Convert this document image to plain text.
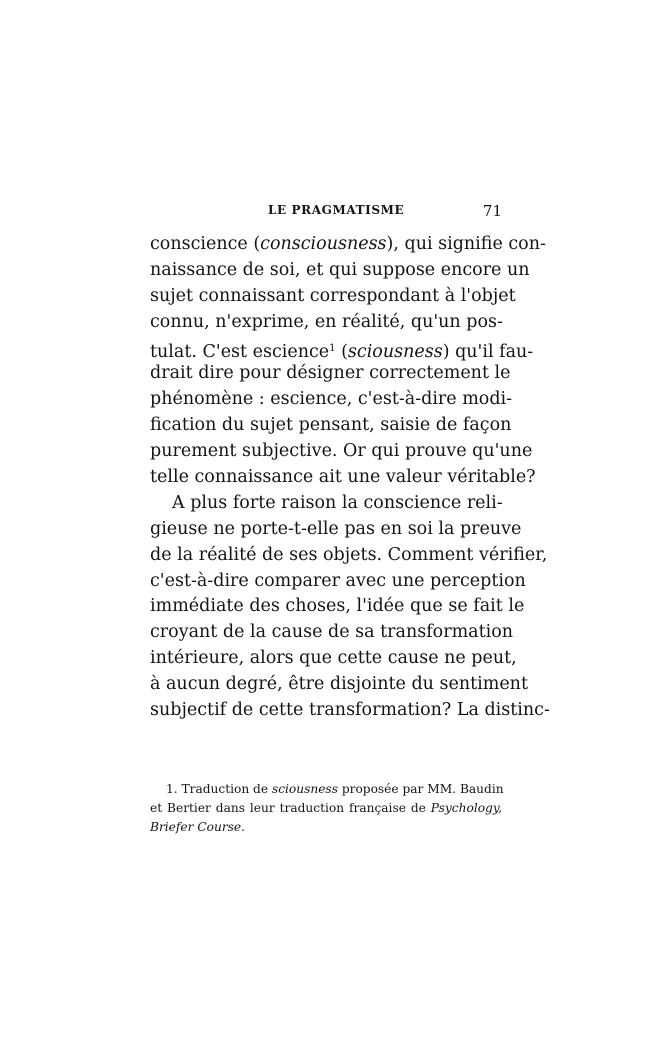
LE PRAGMATISME	71
conscience (consciousness), qui signifie con-
naissance de soi, et qui suppose encore un
sujet connaissant correspondant à l'objet
connu, n'exprime, en réalité, qu'un pos-
tulat. C'est escience$^1$ (sciousness) qu'il fau-
drait dire pour désigner correctement le
phénomène : escience, c'est-à-dire modi-
fication du sujet pensant, saisie de façon
purement subjective. Or qui prouve qu'une
telle connaissance ait une valeur véritable?
A plus forte raison la conscience reli-
gieuse ne porte-t-elle pas en soi la preuve
de la réalité de ses objets. Comment vérifier,
c'est-à-dire comparer avec une perception
immédiate des choses, l'idée que se fait le
croyant de la cause de sa transformation
intérieure, alors que cette cause ne peut,
à aucun degré, être disjointe du sentiment
subjectif de cette transformation? La distinc-
1. Traduction de sciousness proposée par MM. Baudin
et Bertier dans leur traduction française de Psychology,
Briefer Course.
